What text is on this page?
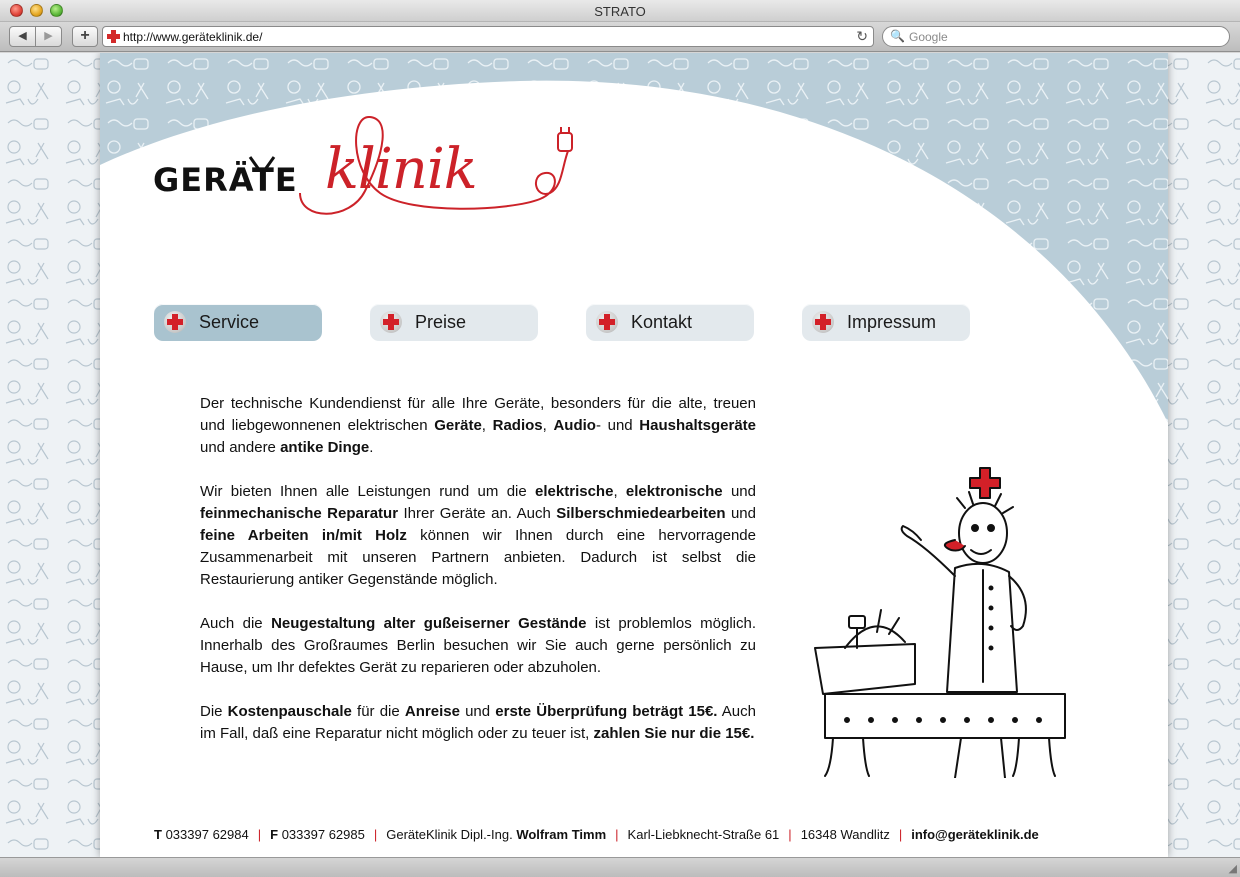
STRATO
◀	▶	+	http://www.geräteklinik.de/	↻ 🔍
Google
GERÄTE klinik
Service	Preise	Kontakt	Impressum

Der technische Kundendienst für alle Ihre Geräte, besonders für die alte, treuen und liebgewonnenen elektrischen Geräte, Radios, Audio- und Haushaltsgeräte und andere antike Dinge.

Wir bieten Ihnen alle Leistungen rund um die elektrische, elektronische und feinmechanische Reparatur Ihrer Geräte an. Auch Silberschmiedearbeiten und feine Arbeiten in/mit Holz können wir Ihnen durch eine hervorragende Zusammenarbeit mit unseren Partnern anbieten. Dadurch ist selbst die Restaurierung antiker Gegenstände möglich.

Auch die Neugestaltung alter gußeiserner Gestände ist problemlos möglich. Innerhalb des Großraumes Berlin besuchen wir Sie auch gerne persönlich zu Hause, um Ihr defektes Gerät zu reparieren oder abzuholen.

Die Kostenpauschale für die Anreise und erste Überprüfung beträgt 15€. Auch im Fall, daß eine Reparatur nicht möglich oder zu teuer ist, zahlen Sie nur die 15€.

T 033397 62984 | F 033397 62985 | GeräteKlinik Dipl.-Ing. Wolfram Timm | Karl-Liebknecht-Straße 61 | 16348 Wandlitz | info@geräteklinik.de
◢
